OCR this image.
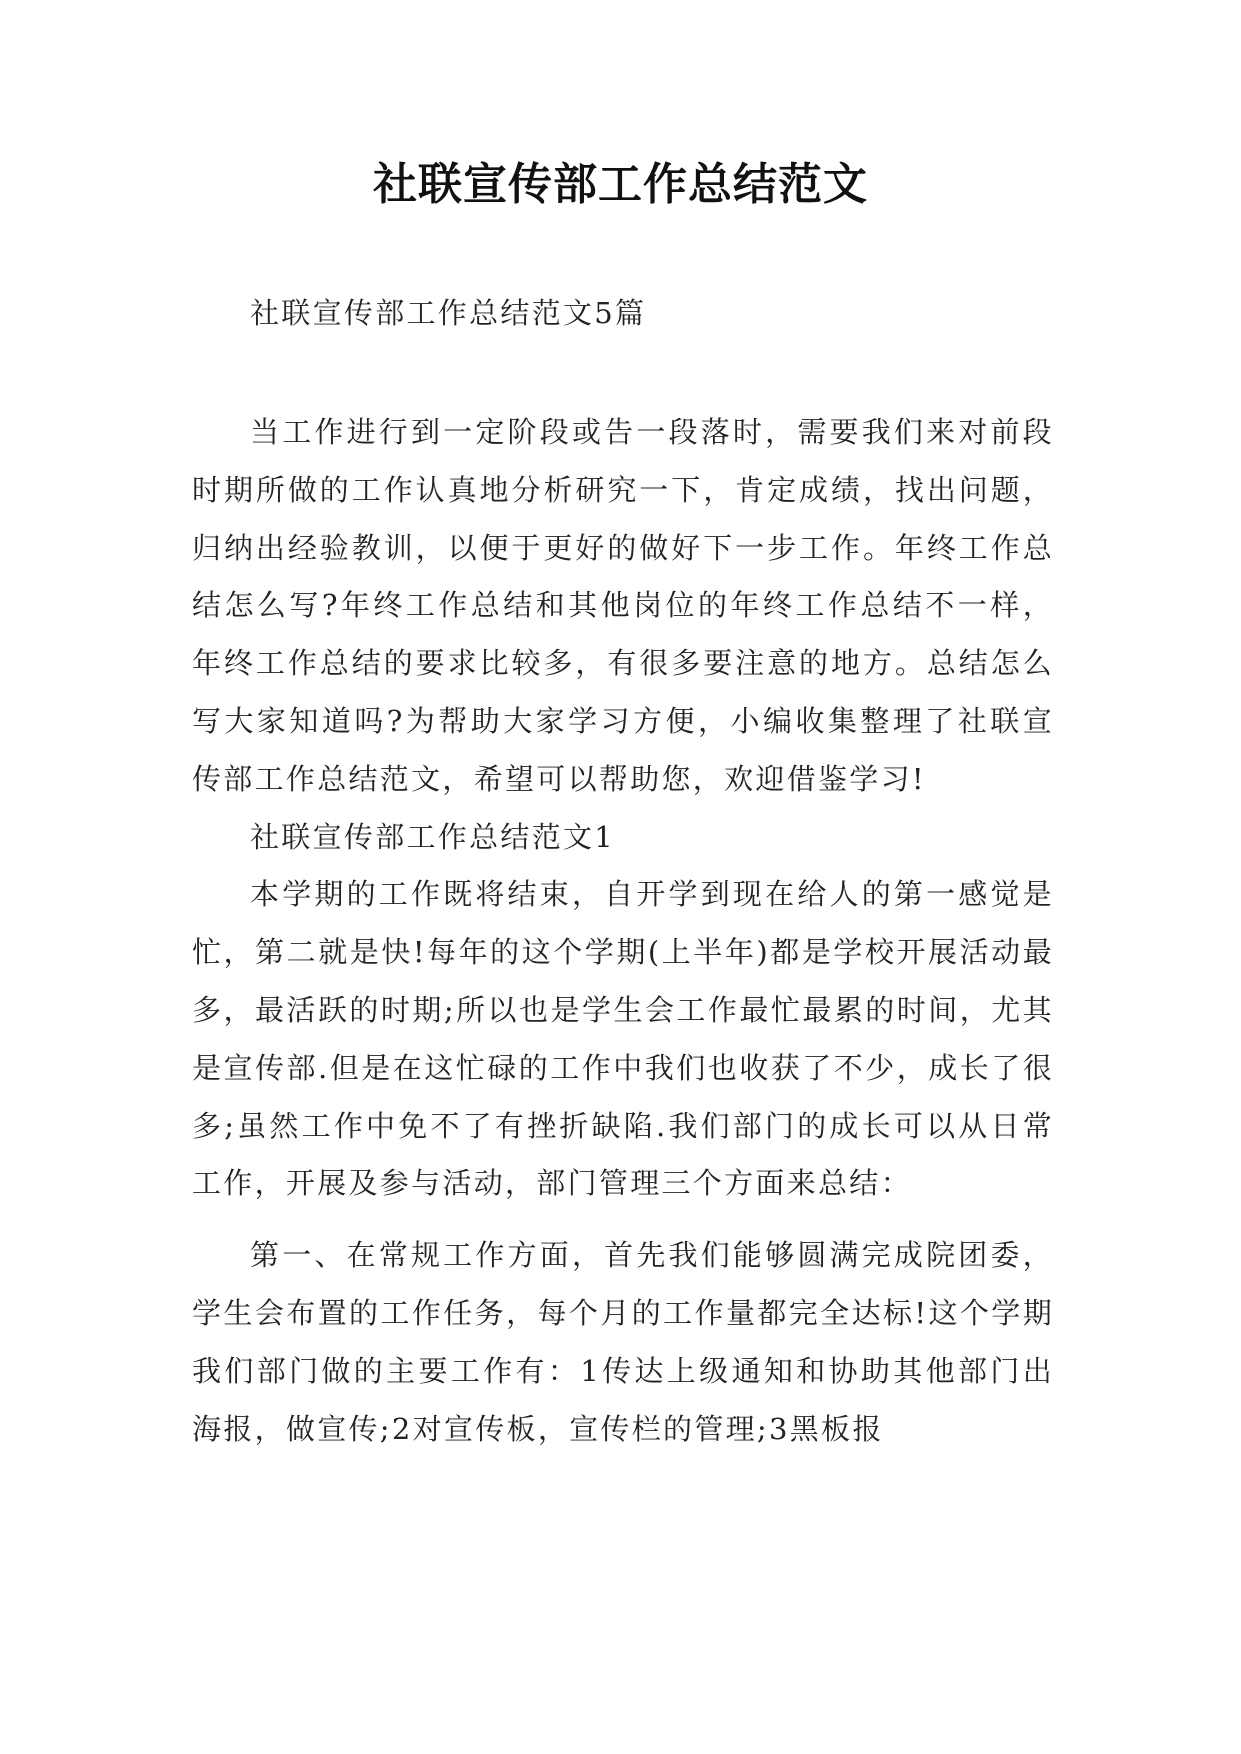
社联宣传部工作总结范文
社联宣传部工作总结范文5篇

当工作进行到一定阶段或告一段落时，需要我们来对前段时期所做的工作认真地分析研究一下，肯定成绩，找出问题，归纳出经验教训，以便于更好的做好下一步工作。年终工作总结怎么写?年终工作总结和其他岗位的年终工作总结不一样，年终工作总结的要求比较多，有很多要注意的地方。总结怎么写大家知道吗?为帮助大家学习方便，小编收集整理了社联宣传部工作总结范文，希望可以帮助您，欢迎借鉴学习!

社联宣传部工作总结范文1

本学期的工作既将结束，自开学到现在给人的第一感觉是忙，第二就是快!每年的这个学期(上半年)都是学校开展活动最多，最活跃的时期;所以也是学生会工作最忙最累的时间，尤其是宣传部.但是在这忙碌的工作中我们也收获了不少，成长了很多;虽然工作中免不了有挫折缺陷.我们部门的成长可以从日常工作，开展及参与活动，部门管理三个方面来总结：

第一、在常规工作方面，首先我们能够圆满完成院团委，学生会布置的工作任务，每个月的工作量都完全达标!这个学期我们部门做的主要工作有：1传达上级通知和协助其他部门出海报，做宣传;2对宣传板，宣传栏的管理;3黑板报
